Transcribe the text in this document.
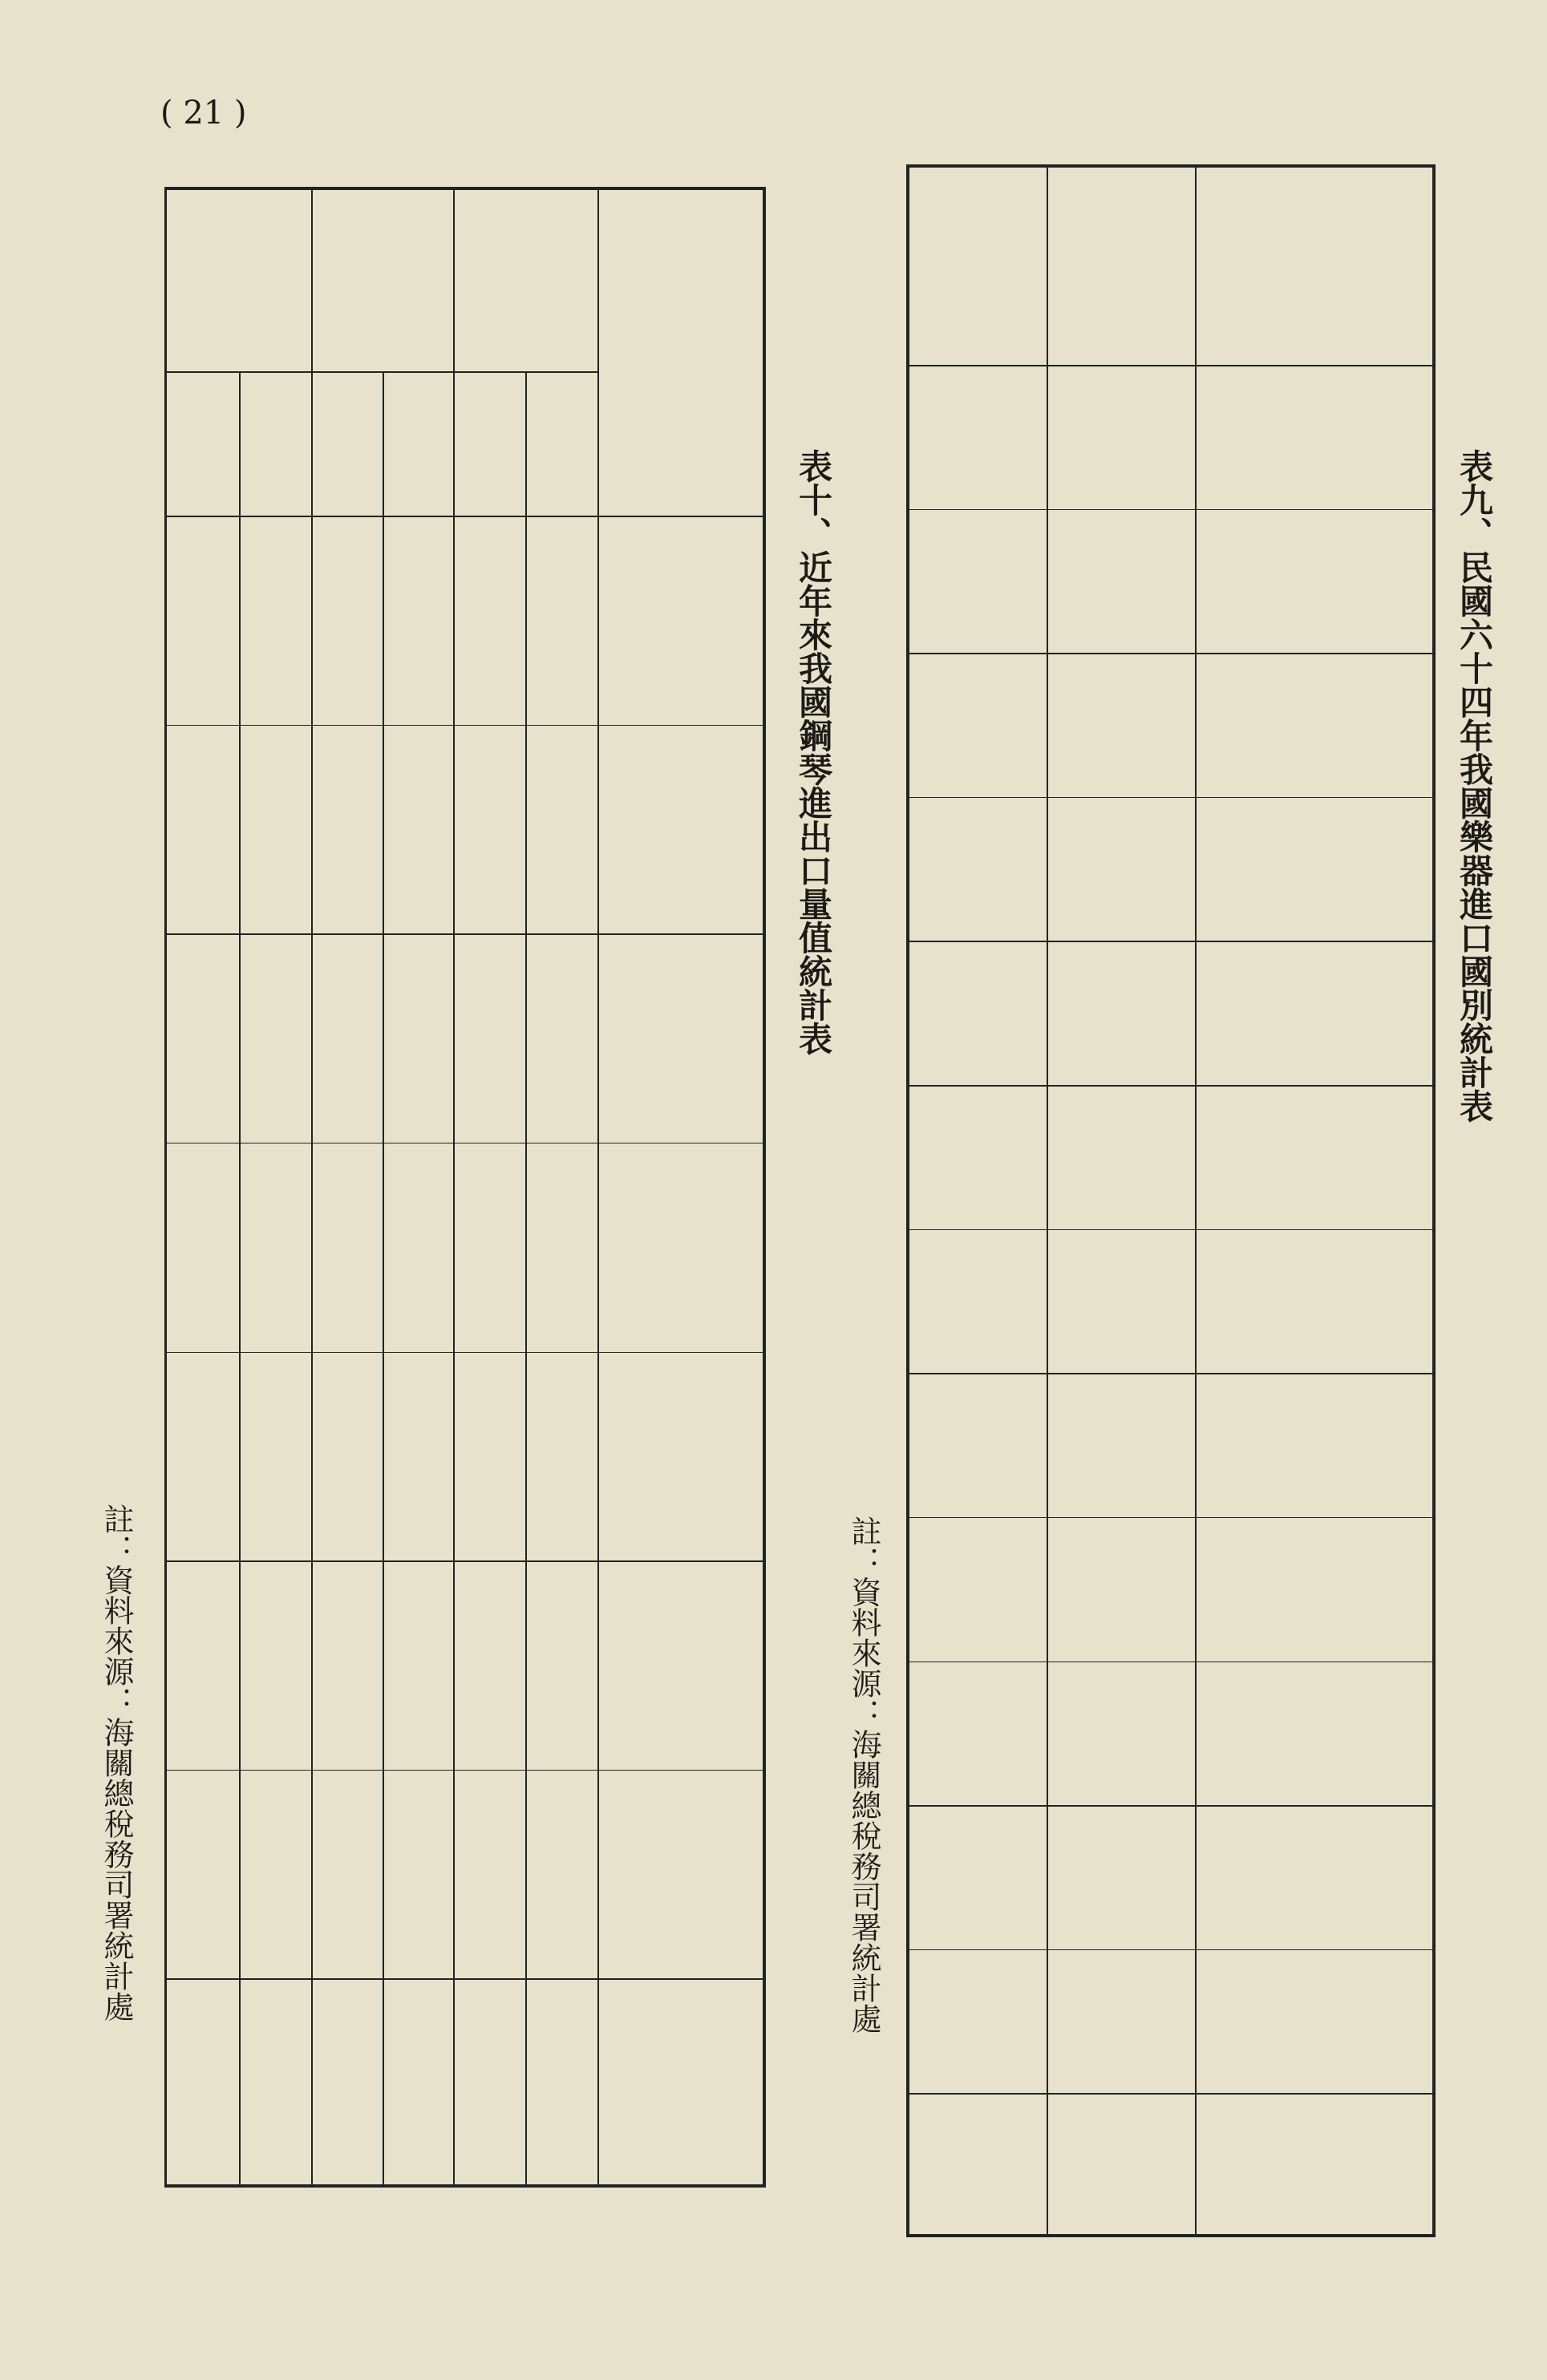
( 21 )
表九、民國六十四年我國樂器進口國別統計表
表十、近年來我國鋼琴進出口量值統計表
註：資料來源：海關總稅務司署統計處	註：資料來源：海關總稅務司署統計處
